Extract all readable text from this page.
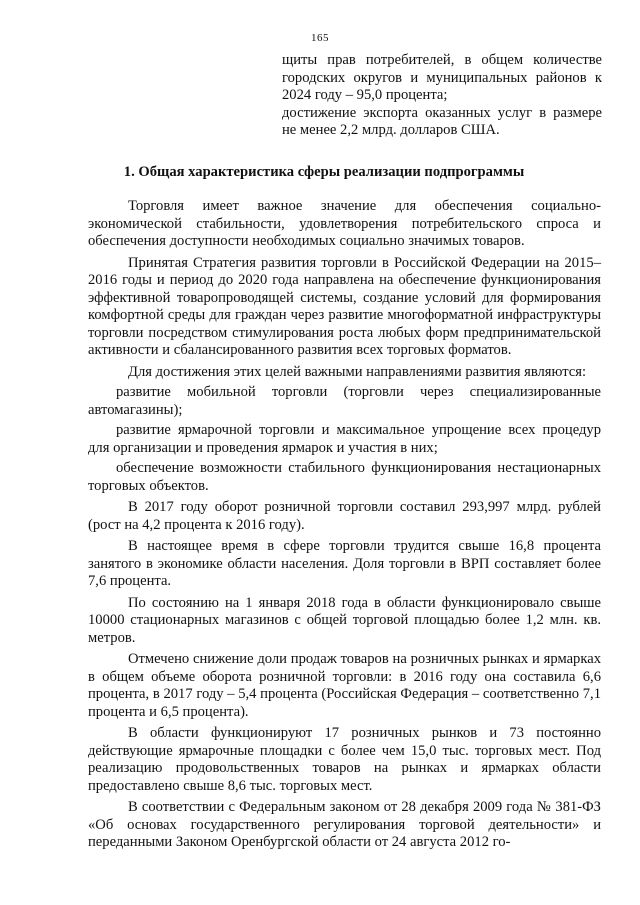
165

щиты прав потребителей, в общем количестве городских округов и муниципальных районов к 2024 году – 95,0 процента;

достижение экспорта оказанных услуг в размере не менее 2,2 млрд. долларов США.

1. Общая характеристика сферы реализации подпрограммы

Торговля имеет важное значение для обеспечения социально-экономической стабильности, удовлетворения потребительского спроса и обеспечения доступности необходимых социально значимых товаров.

Принятая Стратегия развития торговли в Российской Федерации на 2015–2016 годы и период до 2020 года направлена на обеспечение функционирования эффективной товаропроводящей системы, создание условий для формирования комфортной среды для граждан через развитие многоформатной инфраструктуры торговли посредством стимулирования роста любых форм предпринимательской активности и сбалансированного развития всех торговых форматов.

Для достижения этих целей важными направлениями развития являются:

развитие мобильной торговли (торговли через специализированные автомагазины);

развитие ярмарочной торговли и максимальное упрощение всех процедур для организации и проведения ярмарок и участия в них;

обеспечение возможности стабильного функционирования нестационарных торговых объектов.

В 2017 году оборот розничной торговли составил 293,997 млрд. рублей (рост на 4,2 процента к 2016 году).

В настоящее время в сфере торговли трудится свыше 16,8 процента занятого в экономике области населения. Доля торговли в ВРП составляет более 7,6 процента.

По состоянию на 1 января 2018 года в области функционировало свыше 10000 стационарных магазинов с общей торговой площадью более 1,2 млн. кв. метров.

Отмечено снижение доли продаж товаров на розничных рынках и ярмарках в общем объеме оборота розничной торговли: в 2016 году она составила 6,6 процента, в 2017 году – 5,4 процента (Российская Федерация – соответственно 7,1 процента и 6,5 процента).

В области функционируют 17 розничных рынков и 73 постоянно действующие ярмарочные площадки с более чем 15,0 тыс. торговых мест. Под реализацию продовольственных товаров на рынках и ярмарках области предоставлено свыше 8,6 тыс. торговых мест.

В соответствии с Федеральным законом от 28 декабря 2009 года № 381-ФЗ «Об основах государственного регулирования торговой деятельности» и переданными Законом Оренбургской области от 24 августа 2012 го-
